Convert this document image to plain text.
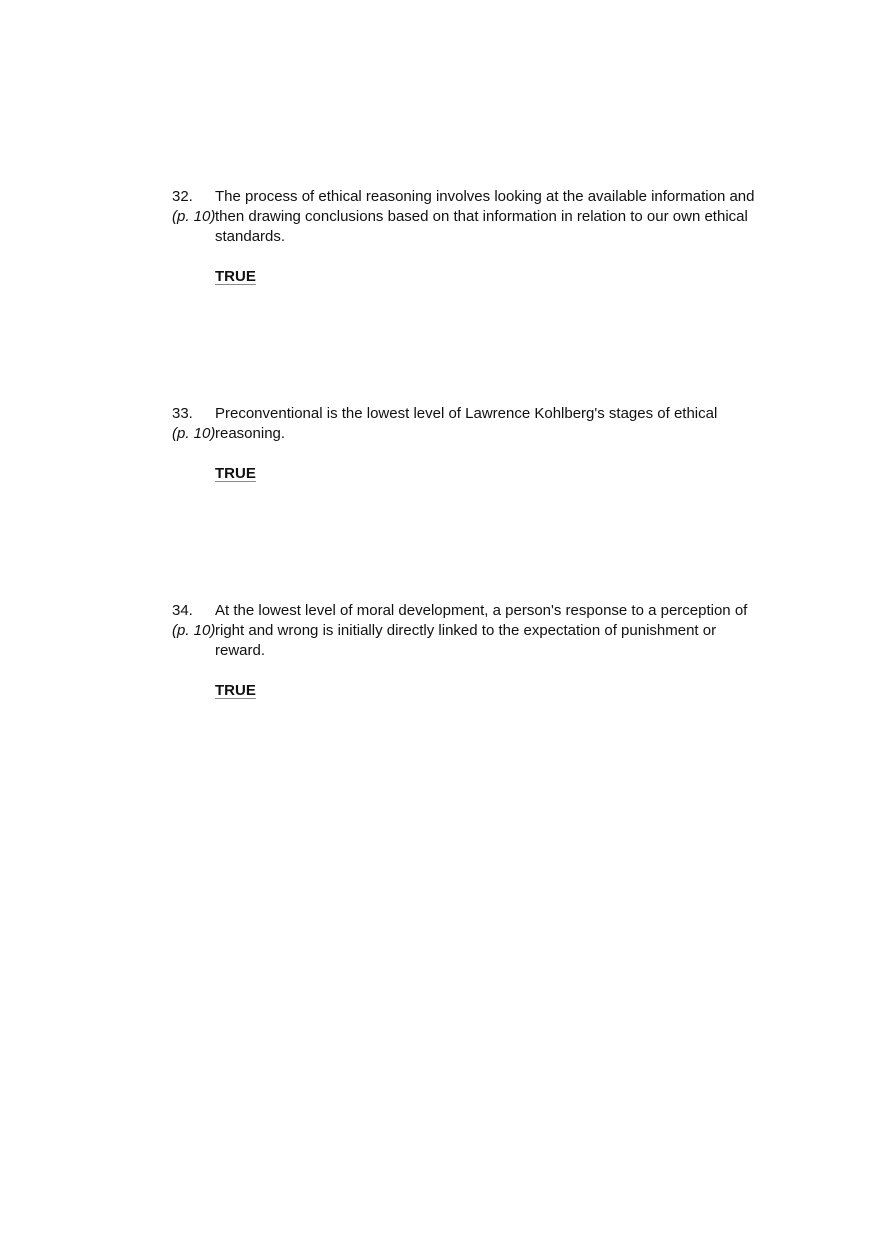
32. The process of ethical reasoning involves looking at the available information and
(p. 10) then drawing conclusions based on that information in relation to our own ethical
standards.
TRUE
33. Preconventional is the lowest level of Lawrence Kohlberg's stages of ethical
(p. 10) reasoning.
TRUE
34. At the lowest level of moral development, a person's response to a perception of
(p. 10) right and wrong is initially directly linked to the expectation of punishment or
reward.
TRUE
